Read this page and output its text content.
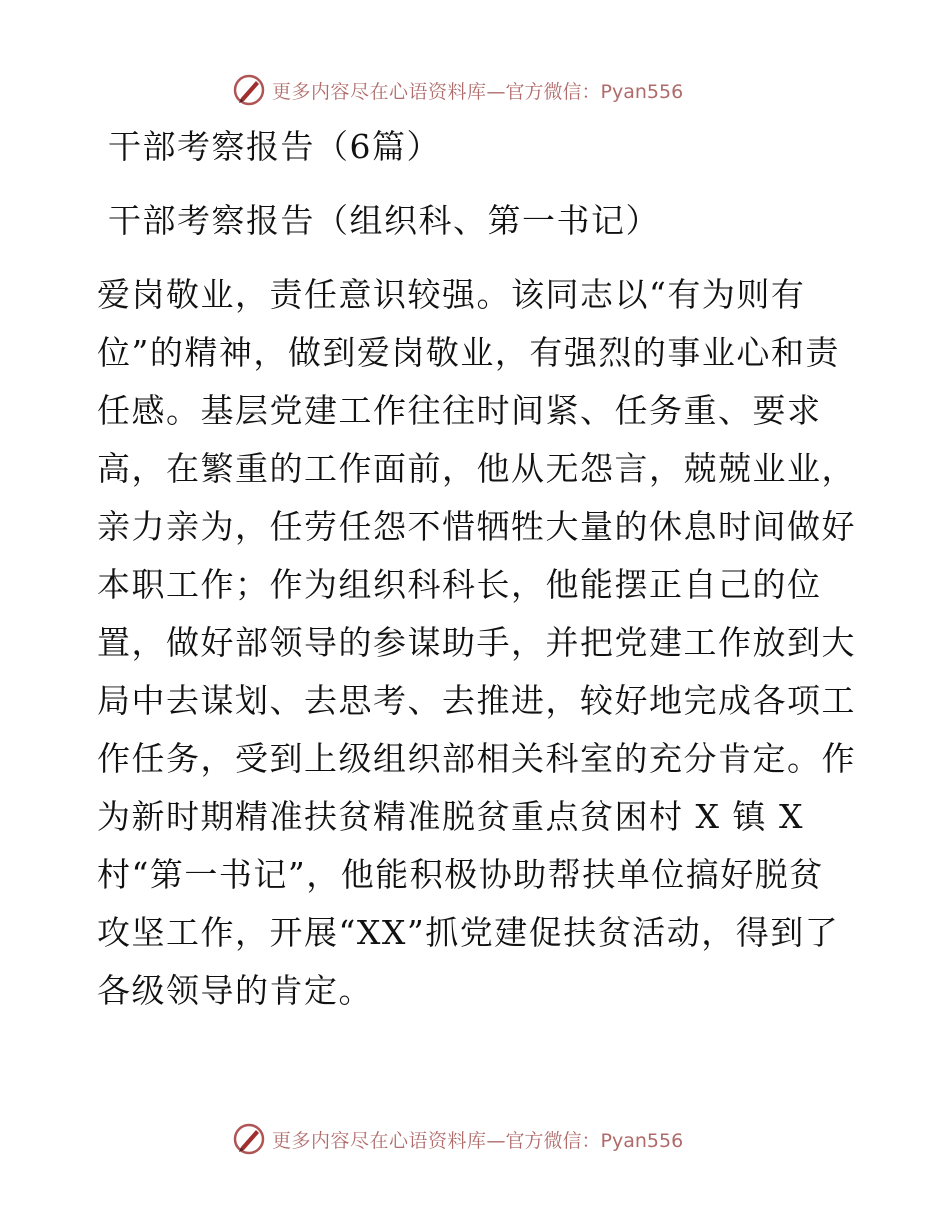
更多内容尽在心语资料库 —官方微信：Pyan556
干部考察报告（6篇）
干部考察报告（组织科、第一书记）
爱岗敬业，责任意识较强。该同志以“有为则有
位”的精神，做到爱岗敬业，有强烈的事业心和责
任感。基层党建工作往往时间紧、任务重、要求
高，在繁重的工作面前，他从无怨言，兢兢业业，
亲力亲为，任劳任怨不惜牺牲大量的休息时间做好
本职工作；作为组织科科长，他能摆正自己的位
置，做好部领导的参谋助手，并把党建工作放到大
局中去谋划、去思考、去推进，较好地完成各项工
作任务，受到上级组织部相关科室的充分肯定。作
为新时期精准扶贫精准脱贫重点贫困村 X 镇 X
村“第一书记”，他能积极协助帮扶单位搞好脱贫
攻坚工作，开展“XX”抓党建促扶贫活动，得到了
各级领导的肯定。
更多内容尽在心语资料库 —官方微信：Pyan556
